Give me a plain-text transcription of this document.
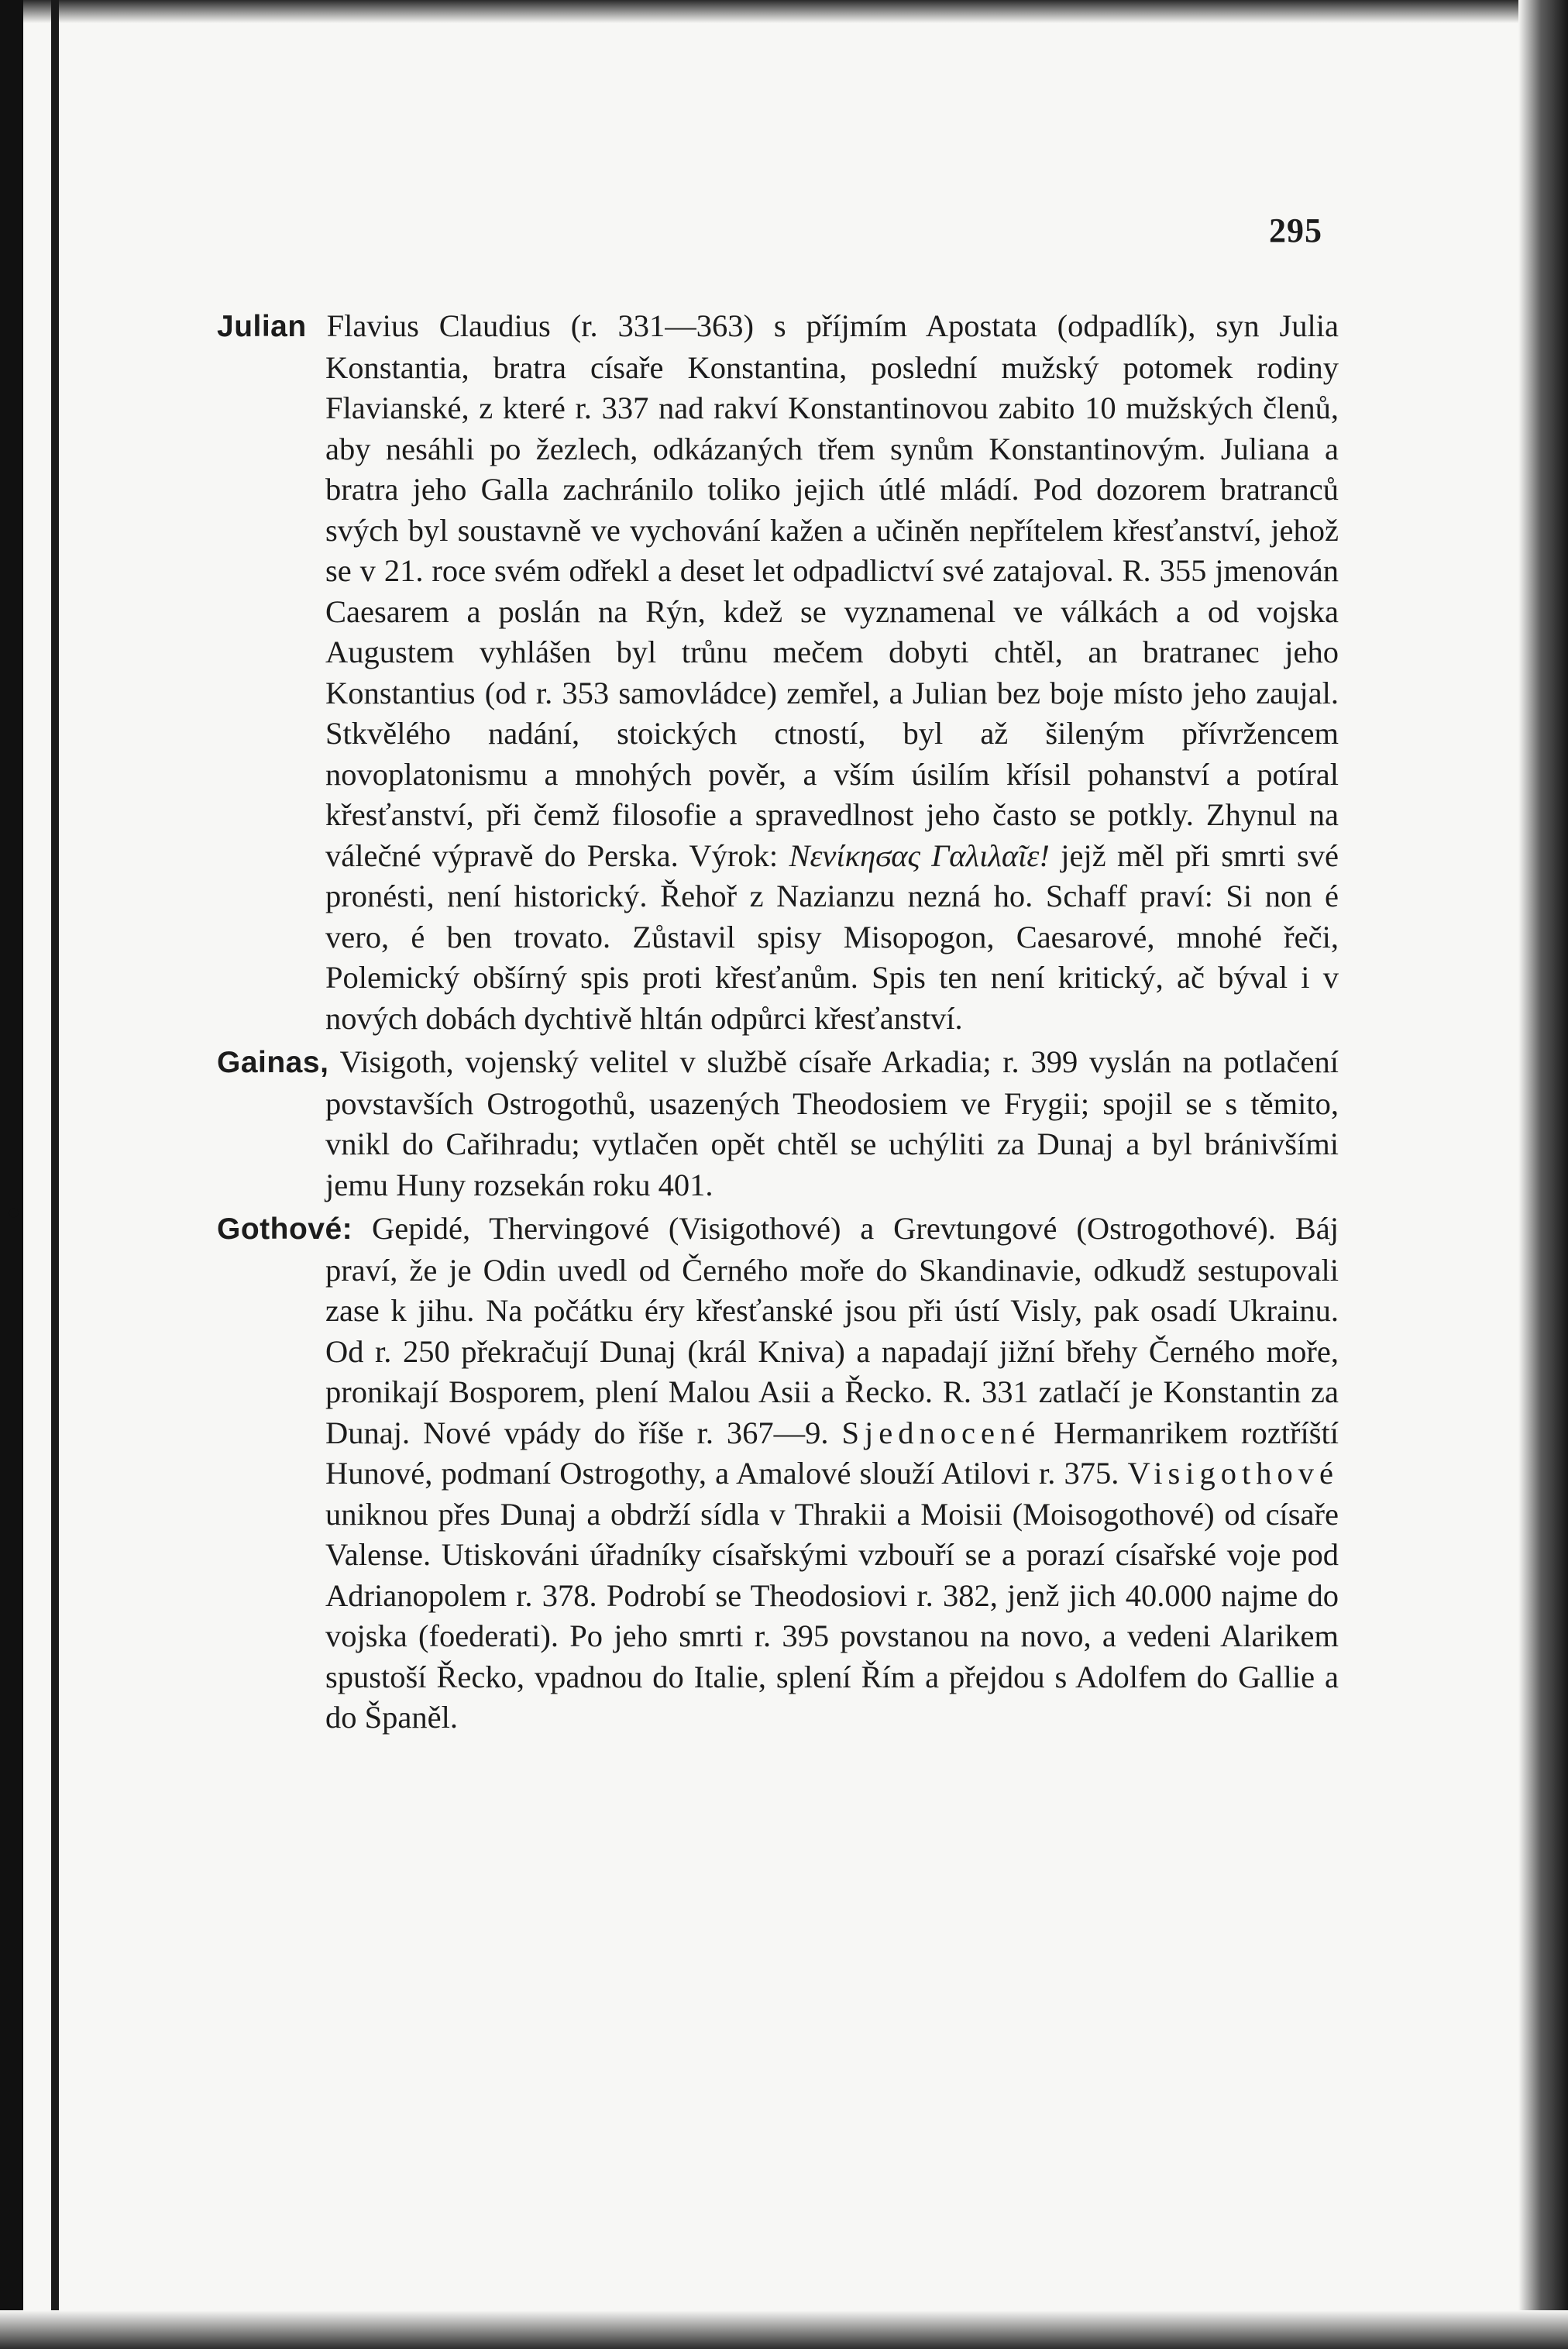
•
295

Julian Flavius Claudius (r. 331—363) s příjmím Apostata (odpadlík), syn Julia Konstantia, bratra císaře Konstantina, poslední mužský potomek rodiny Flavianské, z které r. 337 nad rakví Konstantinovou zabito 10 mužských členů, aby nesáhli po žezlech, odkázaných třem synům Konstantinovým. Juliana a bratra jeho Galla zachránilo toliko jejich útlé mládí. Pod dozorem bratranců svých byl soustavně ve vychování kažen a učiněn nepřítelem křesťanství, jehož se v 21. roce svém odřekl a deset let odpadlictví své zatajoval. R. 355 jmenován Caesarem a poslán na Rýn, kdež se vyznamenal ve válkách a od vojska Augustem vyhlášen byl trůnu mečem dobyti chtěl, an bratranec jeho Konstantius (od r. 353 samovládce) zemřel, a Julian bez boje místo jeho zaujal. Stkvělého nadání, stoických ctností, byl až šileným přívržencem novoplatonismu a mnohých pověr, a vším úsilím křísil pohanství a potíral křesťanství, při čemž filosofie a spravedlnost jeho často se potkly. Zhynul na válečné výpravě do Perska. Výrok: Νενίκηϭας Γαλιλαῖε! jejž měl při smrti své pronésti, není historický. Řehoř z Nazianzu nezná ho. Schaff praví: Si non é vero, é ben trovato. Zůstavil spisy Misopogon, Caesarové, mnohé řeči, Polemický obšírný spis proti křesťanům. Spis ten není kritický, ač býval i v nových dobách dychtivě hltán odpůrci křesťanství.

Gainas, Visigoth, vojenský velitel v službě císaře Arkadia; r. 399 vyslán na potlačení povstavších Ostrogothů, usazených Theodosiem ve Frygii; spojil se s těmito, vnikl do Cařihradu; vytlačen opět chtěl se uchýliti za Dunaj a byl bránivšími jemu Huny rozsekán roku 401.

Gothové: Gepidé, Thervingové (Visigothové) a Grevtungové (Ostrogothové). Báj praví, že je Odin uvedl od Černého moře do Skandinavie, odkudž sestupovali zase k jihu. Na počátku éry křesťanské jsou při ústí Visly, pak osadí Ukrainu. Od r. 250 překračují Dunaj (král Kniva) a napadají jižní břehy Černého moře, pronikají Bosporem, plení Malou Asii a Řecko. R. 331 zatlačí je Konstantin za Dunaj. Nové vpády do říše r. 367—9. Sjednocené Hermanrikem roztříští Hunové, podmaní Ostrogothy, a Amalové slouží Atilovi r. 375. Visigothové uniknou přes Dunaj a obdrží sídla v Thrakii a Moisii (Moisogothové) od císaře Valense. Utiskováni úřadníky císařskými vzbouří se a porazí císařské voje pod Adrianopolem r. 378. Podrobí se Theodosiovi r. 382, jenž jich 40.000 najme do vojska (foederati). Po jeho smrti r. 395 povstanou na novo, a vedeni Alarikem spustoší Řecko, vpadnou do Italie, splení Řím a přejdou s Adolfem do Gallie a do Španěl.
